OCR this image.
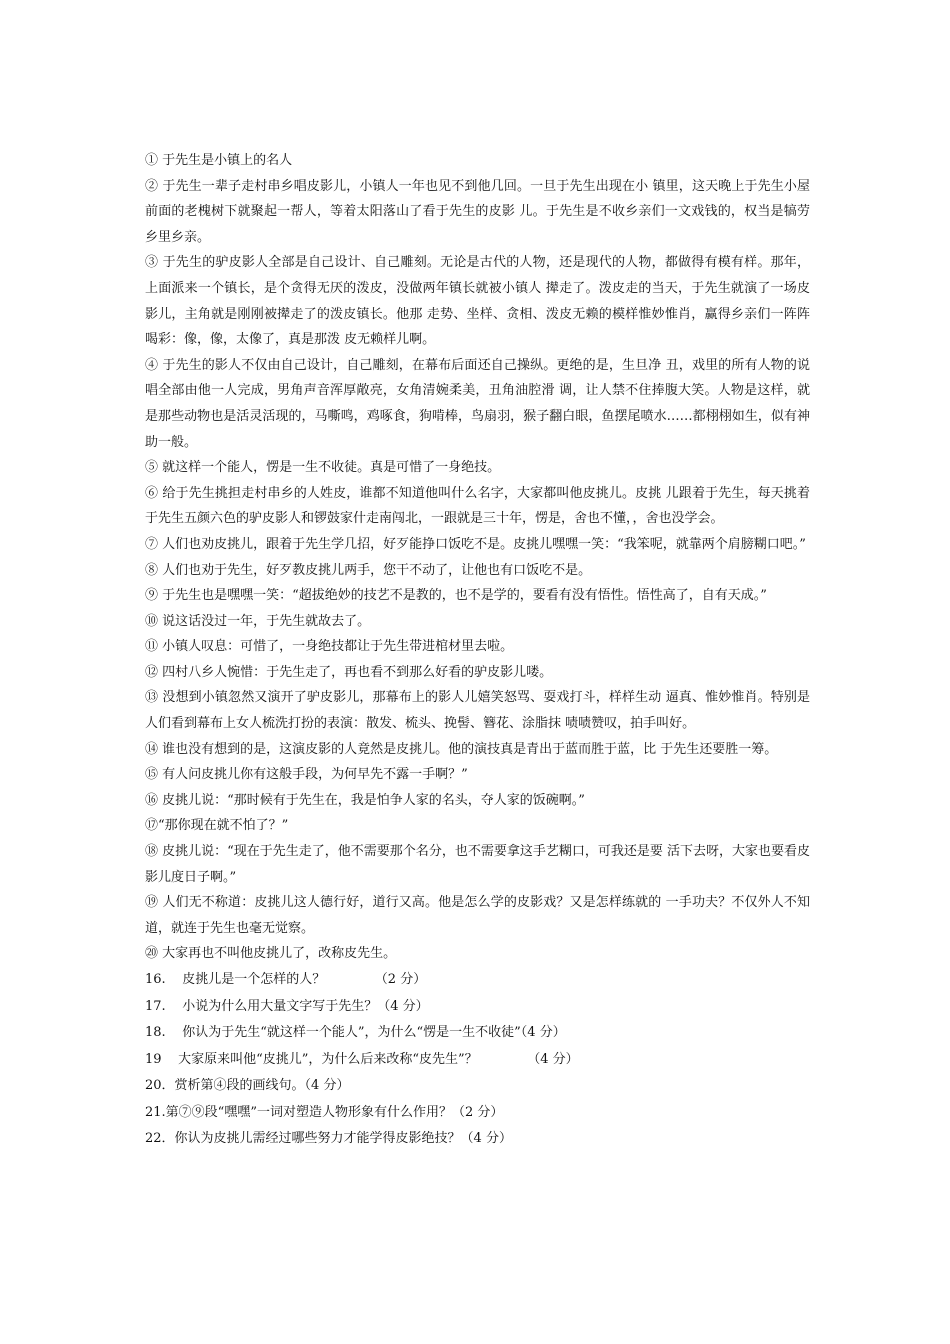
① 于先生是小镇上的名人

② 于先生一辈子走村串乡唱皮影儿，小镇人一年也见不到他几回。一旦于先生出现在小 镇里，这天晚上于先生小屋前面的老槐树下就聚起一帮人，等着太阳落山了看于先生的皮影 儿。于先生是不收乡亲们一文戏钱的，权当是犒劳乡里乡亲。

③ 于先生的驴皮影人全部是自己设计、自己雕刻。无论是古代的人物，还是现代的人物，都做得有模有样。那年，上面派来一个镇长，是个贪得无厌的泼皮，没做两年镇长就被小镇人 撵走了。泼皮走的当天，于先生就演了一场皮影儿，主角就是刚刚被撵走了的泼皮镇长。他那 走势、坐样、贪相、泼皮无赖的模样惟妙惟肖，赢得乡亲们一阵阵喝彩：像，像，太像了，真是那泼 皮无赖样儿啊。

④ 于先生的影人不仅由自己设计，自己雕刻，在幕布后面还自己操纵。更绝的是，生旦净 丑，戏里的所有人物的说唱全部由他一人完成，男角声音浑厚敞亮，女角清婉柔美，丑角油腔滑 调，让人禁不住捧腹大笑。人物是这样，就是那些动物也是活灵活现的，马嘶鸣，鸡啄食，狗啃棒，鸟扇羽，猴子翻白眼，鱼摆尾喷水……都栩栩如生，似有神助一般。

⑤ 就这样一个能人，愣是一生不收徒。真是可惜了一身绝技。

⑥ 给于先生挑担走村串乡的人姓皮，谁都不知道他叫什么名字，大家都叫他皮挑儿。皮挑 儿跟着于先生，每天挑着于先生五颜六色的驴皮影人和锣鼓家什走南闯北，一跟就是三十年，愣是，舍也不懂，，舍也没学会。

⑦ 人们也劝皮挑儿，跟着于先生学几招，好歹能挣口饭吃不是。皮挑儿嘿嘿一笑：“我笨呢，就靠两个肩膀糊口吧。”

⑧ 人们也劝于先生，好歹教皮挑儿两手，您干不动了，让他也有口饭吃不是。

⑨ 于先生也是嘿嘿一笑：“超拔绝妙的技艺不是教的，也不是学的，要看有没有悟性。悟性高了，自有天成。”

⑩ 说这话没过一年，于先生就故去了。

⑪ 小镇人叹息：可惜了，一身绝技都让于先生带进棺材里去啦。

⑫ 四村八乡人惋惜：于先生走了，再也看不到那么好看的驴皮影儿喽。

⑬ 没想到小镇忽然又演开了驴皮影儿，那幕布上的影人儿嬉笑怒骂、耍戏打斗，样样生动 逼真、惟妙惟肖。特别是人们看到幕布上女人梳洗打扮的表演：散发、梳头、挽髻、簪花、涂脂抹 啧啧赞叹，拍手叫好。

⑭ 谁也没有想到的是，这演皮影的人竟然是皮挑儿。他的演技真是青出于蓝而胜于蓝，比 于先生还要胜一筹。

⑮ 有人问皮挑儿你有这般手段，为何早先不露一手啊？”

⑯ 皮挑儿说：“那时候有于先生在，我是怕争人家的名头，夺人家的饭碗啊。”

⑰“那你现在就不怕了？”

⑱ 皮挑儿说：“现在于先生走了，他不需要那个名分，也不需要拿这手艺糊口，可我还是要 活下去呀，大家也要看皮影儿度日子啊。”

⑲ 人们无不称道：皮挑儿这人德行好，道行又高。他是怎么学的皮影戏？又是怎样练就的 一手功夫？不仅外人不知道，就连于先生也毫无觉察。

⑳ 大家再也不叫他皮挑儿了，改称皮先生。

16.    皮挑儿是一个怎样的人？            （2 分）

17.    小说为什么用大量文字写于先生？（4 分）

18.    你认为于先生“就这样一个能人”，为什么“愣是一生不收徒”（4 分）

19    大家原来叫他“皮挑儿”，为什么后来改称“皮先生”？            （4 分）

20．赏析第④段的画线句。（4 分）

21.第⑦⑨段“嘿嘿”一词对塑造人物形象有什么作用？（2 分）

22．你认为皮挑儿需经过哪些努力才能学得皮影绝技？（4 分）
